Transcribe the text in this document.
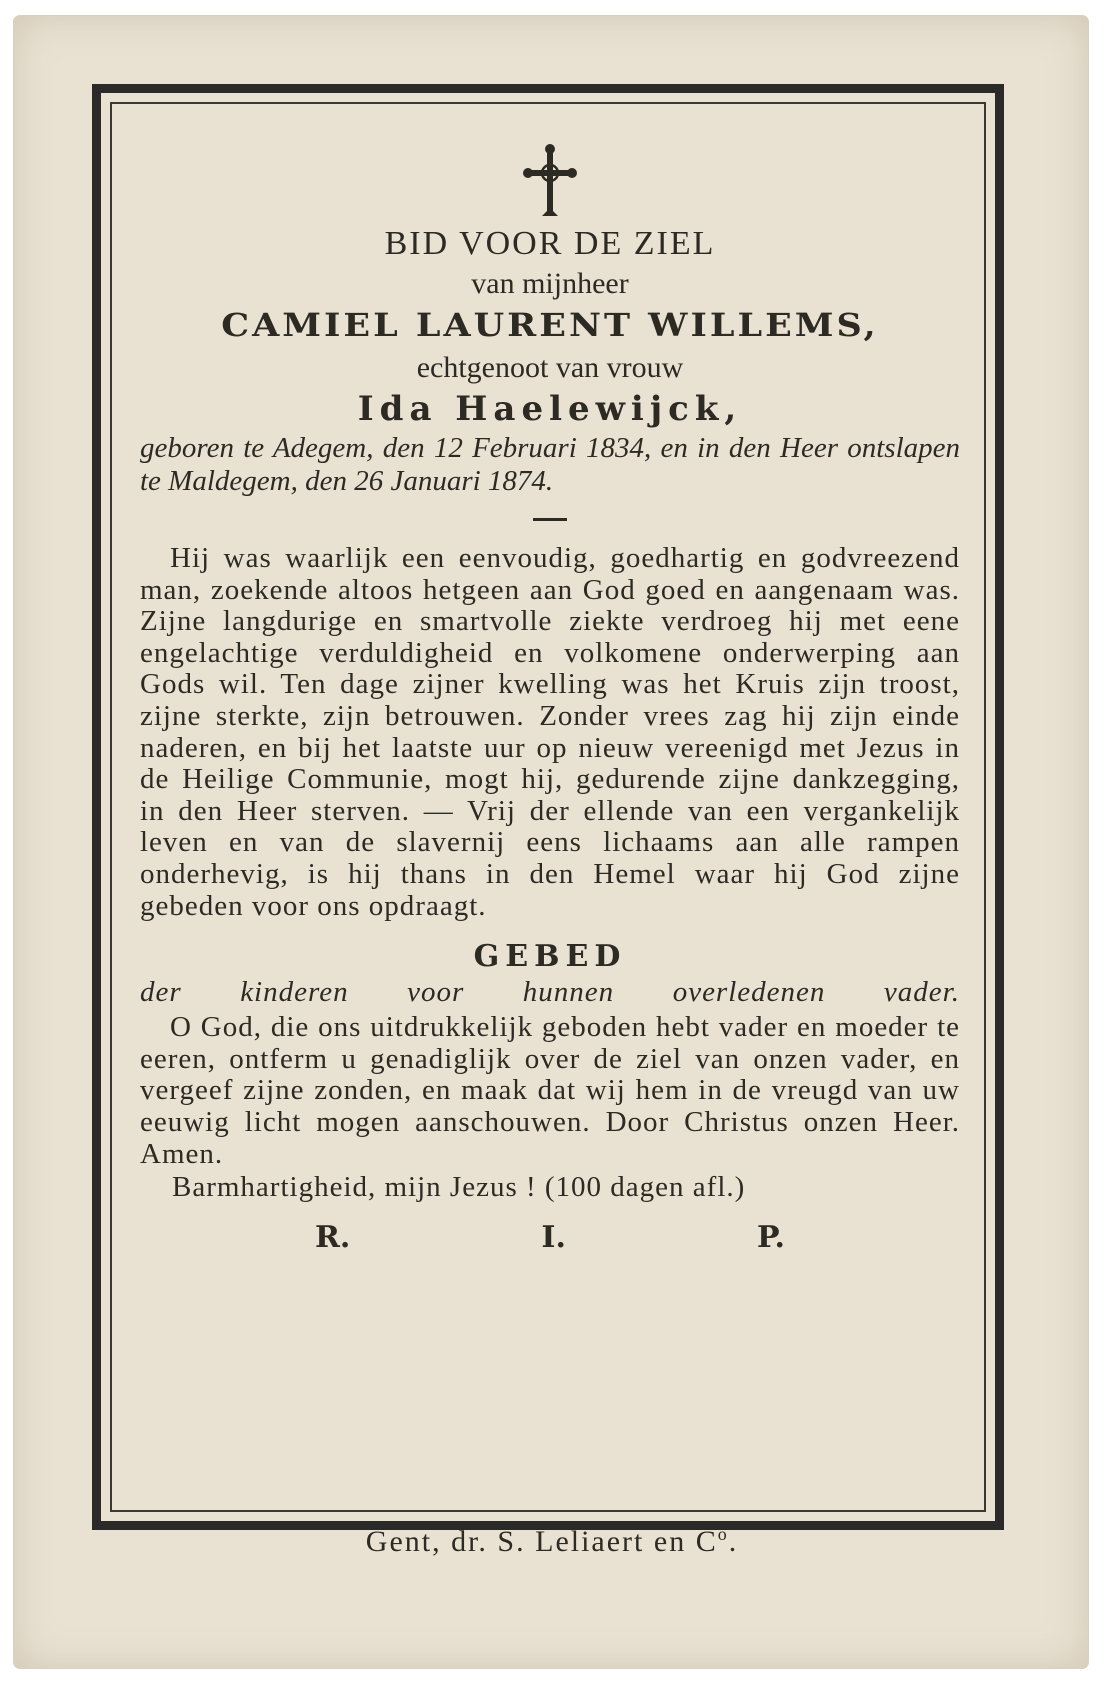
BID VOOR DE ZIEL
van mijnheer
CAMIEL LAURENT WILLEMS,
echtgenoot van vrouw
Ida Haelewijck,

geboren te Adegem, den 12 Februari 1834, en in den Heer ontslapen te Maldegem, den 26 Januari 1874.

Hij was waarlijk een eenvoudig, goedhartig en godvreezend man, zoekende altoos hetgeen aan God goed en aangenaam was. Zijne langdurige en smartvolle ziekte verdroeg hij met eene engelachtige verduldigheid en volkomene onderwerping aan Gods wil. Ten dage zijner kwelling was het Kruis zijn troost, zijne sterkte, zijn betrouwen. Zonder vrees zag hij zijn einde naderen, en bij het laatste uur op nieuw vereenigd met Jezus in de Heilige Communie, mogt hij, gedurende zijne dankzegging, in den Heer sterven. — Vrij der ellende van een vergankelijk leven en van de slavernij eens lichaams aan alle rampen onderhevig, is hij thans in den Hemel waar hij God zijne gebeden voor ons opdraagt.

GEBED
der kinderen voor hunnen overledenen vader.

O God, die ons uitdrukkelijk geboden hebt vader en moeder te eeren, ontferm u genadiglijk over de ziel van onzen vader, en vergeef zijne zonden, en maak dat wij hem in de vreugd van uw eeuwig licht mogen aanschouwen. Door Christus onzen Heer. Amen.

Barmhartigheid, mijn Jezus ! (100 dagen afl.)
R.	I.	P.
Gent, dr. S. Leliaert en $C^o$.
